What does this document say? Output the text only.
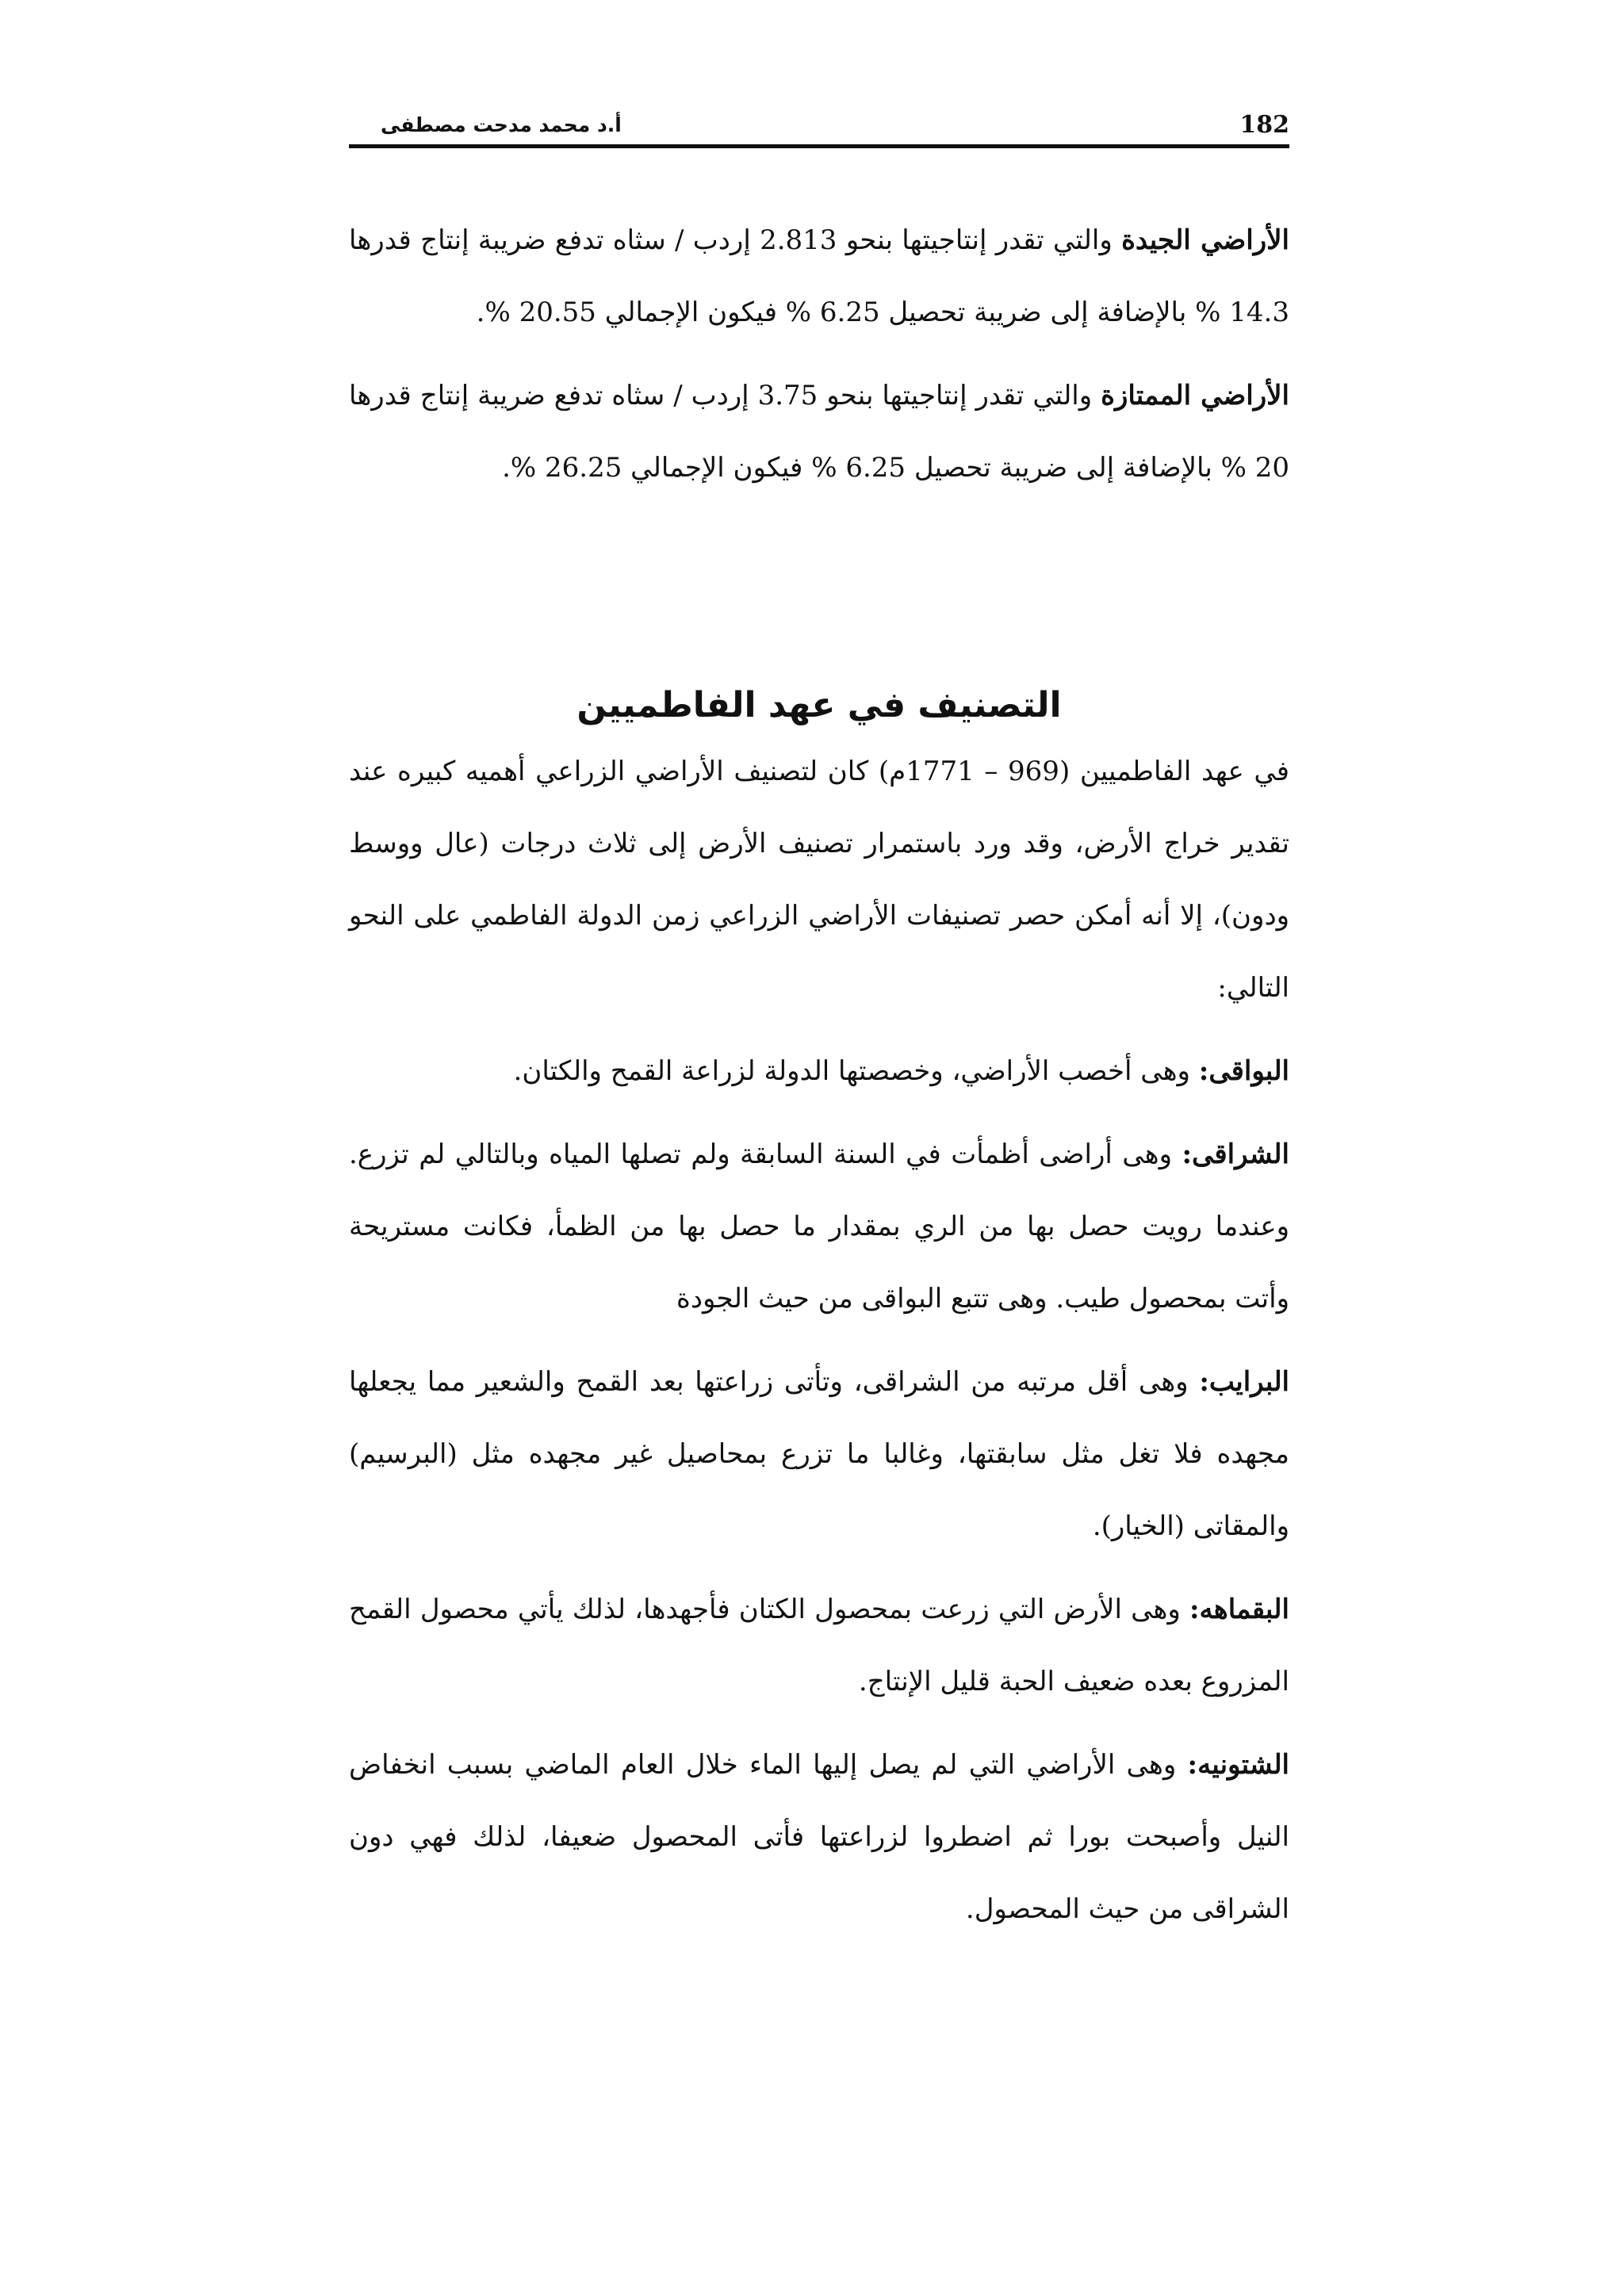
182
أ.د محمد مدحت مصطفى

الأراضي الجيدة والتي تقدر إنتاجيتها بنحو 2.813 إردب / سثاه تدفع ضريبة إنتاج قدرها 14.3 % بالإضافة إلى ضريبة تحصيل 6.25 % فيكون الإجمالي 20.55 %.

الأراضي الممتازة والتي تقدر إنتاجيتها بنحو 3.75 إردب / سثاه تدفع ضريبة إنتاج قدرها 20 % بالإضافة إلى ضريبة تحصيل 6.25 % فيكون الإجمالي 26.25 %.

التصنيف في عهد الفاطميين

في عهد الفاطميين (969 – 1771م) كان لتصنيف الأراضي الزراعي أهميه كبيره عند تقدير خراج الأرض، وقد ورد باستمرار تصنيف الأرض إلى ثلاث درجات (عال ووسط ودون)، إلا أنه أمكن حصر تصنيفات الأراضي الزراعي زمن الدولة الفاطمي على النحو التالي:

البواقى: وهى أخصب الأراضي، وخصصتها الدولة لزراعة القمح والكتان.

الشراقى: وهى أراضى أظمأت في السنة السابقة ولم تصلها المياه وبالتالي لم تزرع. وعندما رويت حصل بها من الري بمقدار ما حصل بها من الظمأ، فكانت مستريحة وأتت بمحصول طيب. وهى تتبع البواقى من حيث الجودة

البرايب: وهى أقل مرتبه من الشراقى، وتأتى زراعتها بعد القمح والشعير مما يجعلها مجهده فلا تغل مثل سابقتها، وغالبا ما تزرع بمحاصيل غير مجهده مثل (البرسيم) والمقاتى (الخيار).

البقماهه: وهى الأرض التي زرعت بمحصول الكتان فأجهدها، لذلك يأتي محصول القمح المزروع بعده ضعيف الحبة قليل الإنتاج.

الشتونيه: وهى الأراضي التي لم يصل إليها الماء خلال العام الماضي بسبب انخفاض النيل وأصبحت بورا ثم اضطروا لزراعتها فأتى المحصول ضعيفا، لذلك فهي دون الشراقى من حيث المحصول.
